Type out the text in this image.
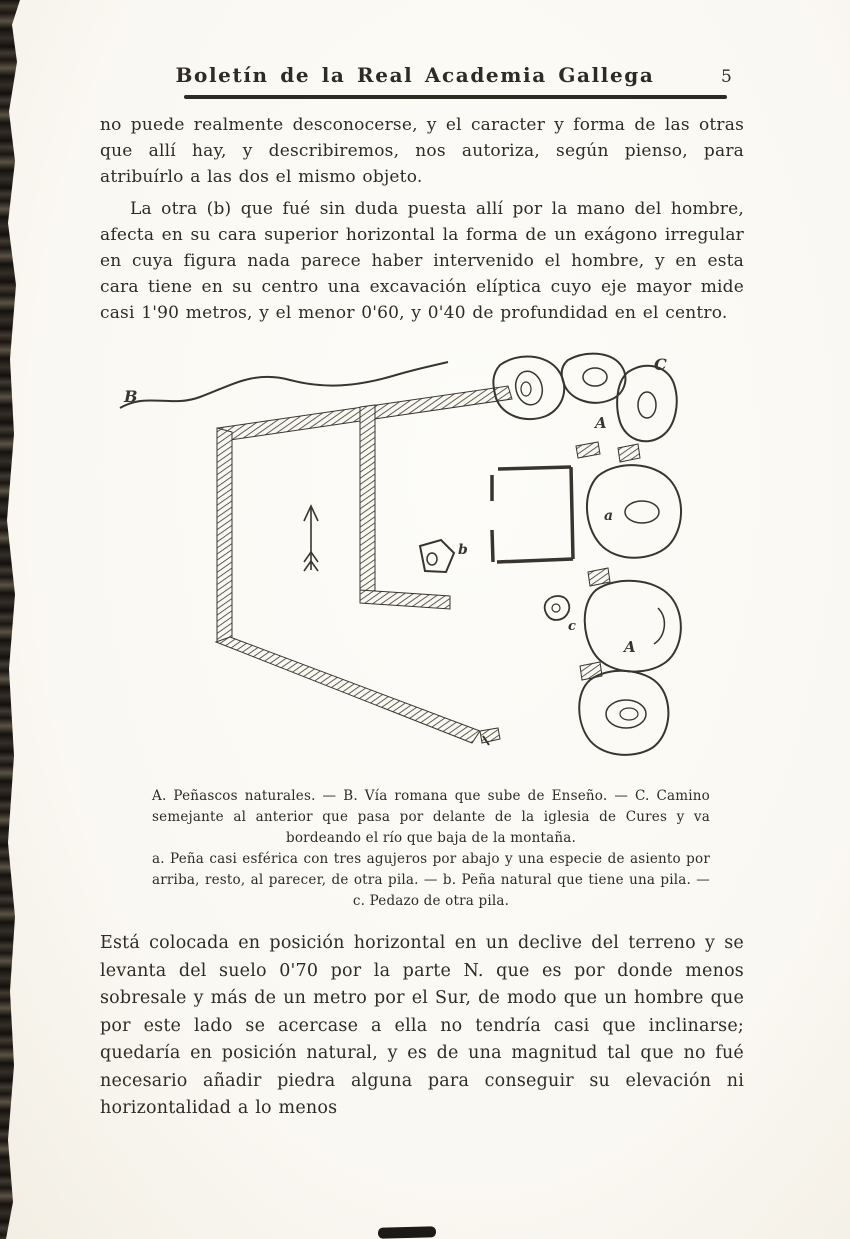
Boletín de la Real Academia Gallega	5

no puede realmente desconocerse, y el caracter y forma de las otras que allí hay, y describiremos, nos autoriza, según pienso, para atribuírlo a las dos el mismo objeto.

La otra (b) que fué sin duda puesta allí por la mano del hombre, afecta en su cara superior horizontal la forma de un exágono irregular en cuya figura nada parece haber intervenido el hombre, y en esta cara tiene en su centro una excavación elíptica cuyo eje mayor mide casi 1'90 metros, y el menor 0'60, y 0'40 de profundidad en el centro.

B
b
C
A
a
c
A

A. Peñascos naturales. — B. Vía romana que sube de Enseño. — C. Camino semejante al anterior que pasa por delante de la iglesia de Cures y va bordeando el río que baja de la montaña.

a. Peña casi esférica con tres agujeros por abajo y una especie de asiento por arriba, resto, al parecer, de otra pila. — b. Peña natural que tiene una pila. — c. Pedazo de otra pila.

Está colocada en posición horizontal en un declive del terreno y se levanta del suelo 0'70 por la parte N. que es por donde menos sobresale y más de un metro por el Sur, de modo que un hombre que por este lado se acercase a ella no tendría casi que inclinarse; quedaría en posición natural, y es de una magnitud tal que no fué necesario añadir piedra alguna para conseguir su elevación ni horizontalidad a lo menos
